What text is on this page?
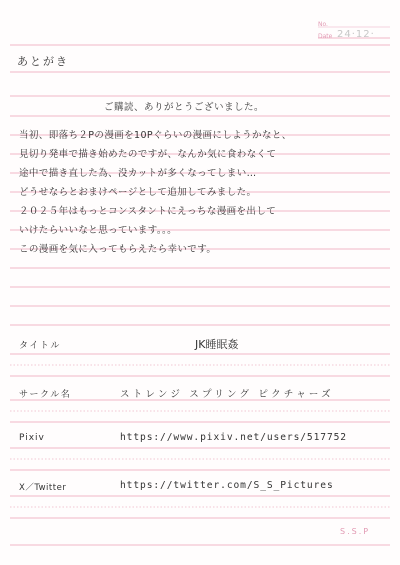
No.
Date 24·12·
あとがき
ご購読、ありがとうございました。
当初、即落ち２Pの漫画を10Pぐらいの漫画にしようかなと、
見切り発車で描き始めたのですが、なんか気に食わなくて
途中で描き直した為、没カットが多くなってしまい…
どうせならとおまけページとして追加してみました。
２０２５年はもっとコンスタントにえっちな漫画を出して
いけたらいいなと思っています。。。
この漫画を気に入ってもらえたら幸いです。
タイトル	JK睡眠姦
サークル名	ストレンジ スプリング ピクチャーズ
Pixiv	https://www.pixiv.net/users/517752
X／Twitter	https://twitter.com/S_S_Pictures
S.S.P
